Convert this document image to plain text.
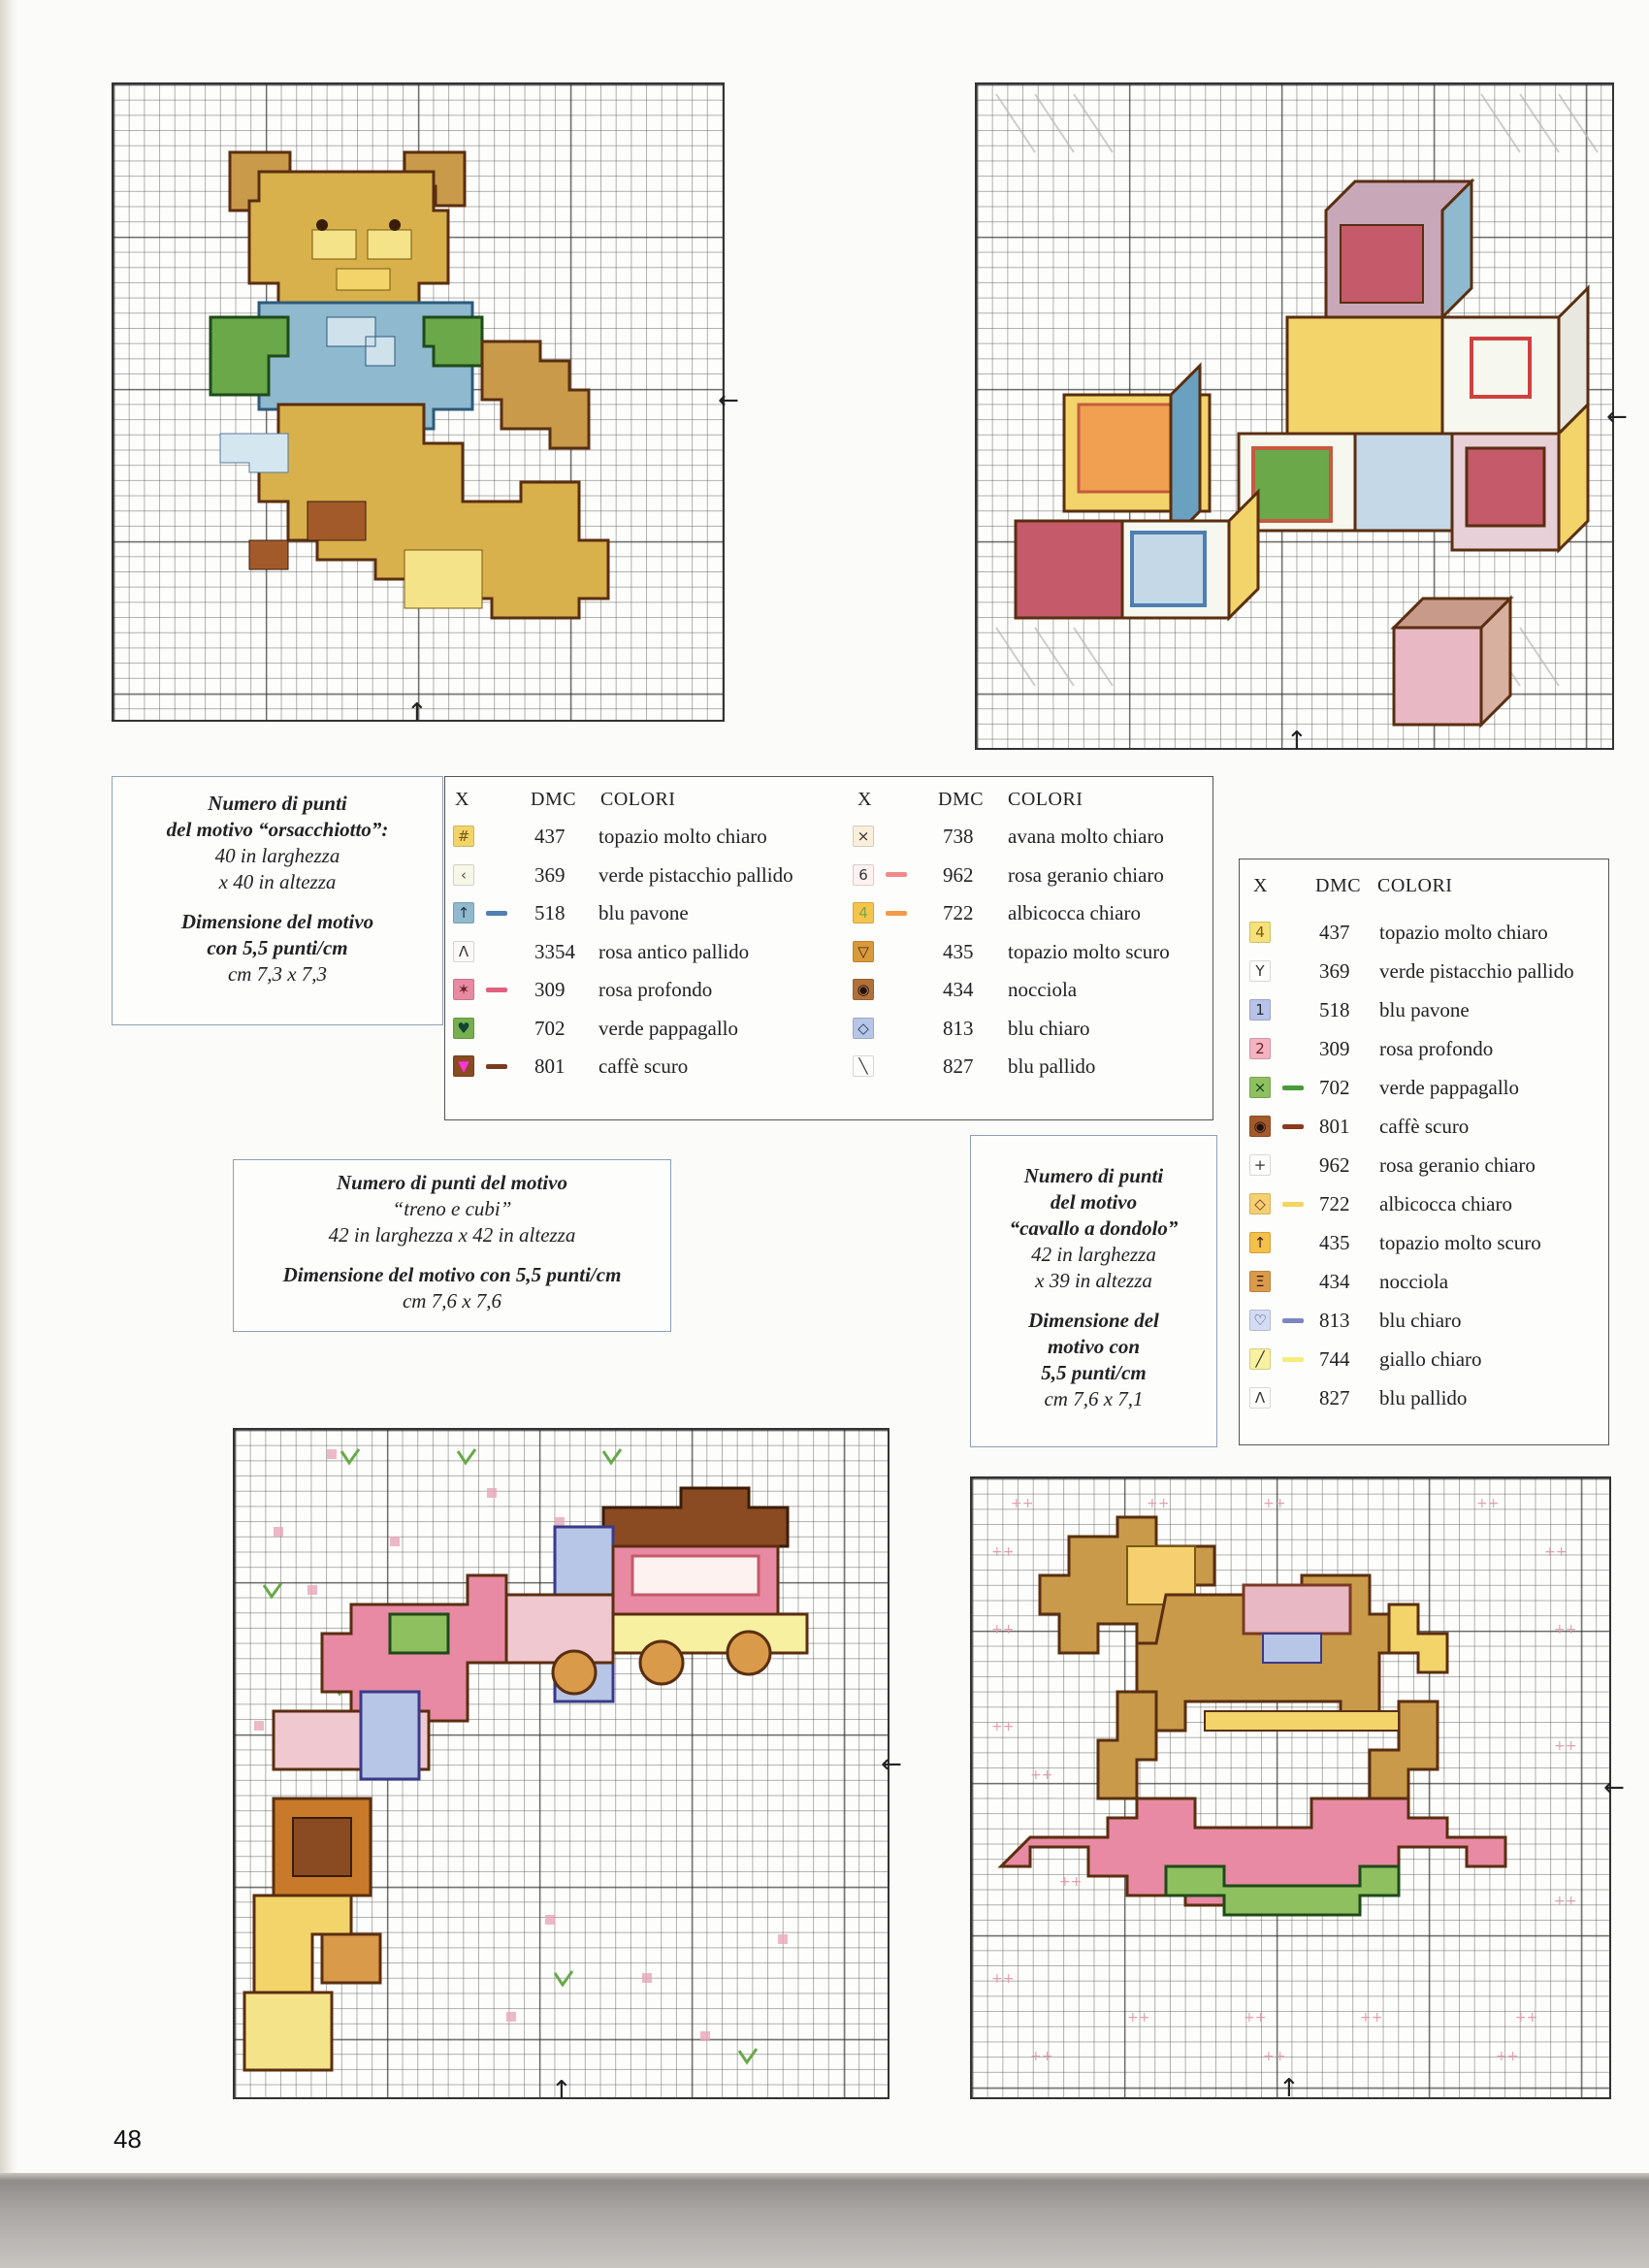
←
↑
←
↑
Numero di punti
del motivo “orsacchiotto”:
40 in larghezza
x 40 in altezza
Dimensione del motivo
con 5,5 punti/cm
cm 7,3 x 7,3
X	DMC COLORI	X	DMC COLORI
#	437 topazio molto chiaro
‹	369 verde pistacchio pallido
↑	518 blu pavone
Λ	3354 rosa antico pallido
✶	309 rosa profondo
♥	702 verde pappagallo
▼	801 caffè scuro
⨯	738 avana molto chiaro
6	962 rosa geranio chiaro
4	722 albicocca chiaro
▽	435 topazio molto scuro
◉	434 nocciola
◇	813 blu chiaro
╲	827 blu pallido
X DMC COLORI
4	437 topazio molto chiaro
Y	369 verde pistacchio pallido
1	518 blu pavone
2	309 rosa profondo
⨯	702 verde pappagallo
◉	801 caffè scuro
+	962 rosa geranio chiaro
◇	722 albicocca chiaro
↑	435 topazio molto scuro
Ξ	434 nocciola
♡	813 blu chiaro
╱	744 giallo chiaro
Λ	827 blu pallido
Numero di punti del motivo
“treno e cubi”
42 in larghezza x 42 in altezza
Dimensione del motivo con 5,5 punti/cm
cm 7,6 x 7,6
Numero di punti
del motivo
“cavallo a dondolo”
42 in larghezza
x 39 in altezza
Dimensione del
motivo con
5,5 punti/cm
cm 7,6 x 7,1
←
↑
++	++	++	++
++	++
++	++
++
++
++
++
++
++
++	++	++	++
++	++	++
←
↑
48
